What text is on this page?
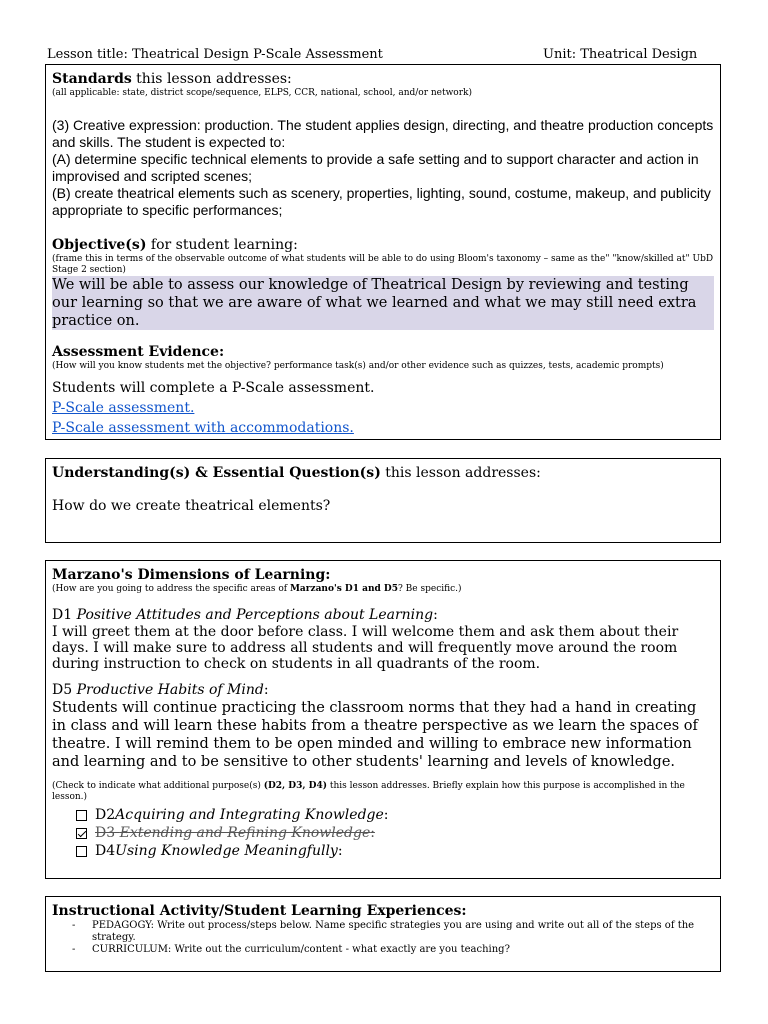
Lesson title: Theatrical Design P-Scale Assessment	Unit: Theatrical Design
Standards this lesson addresses:
(all applicable: state, district scope/sequence, ELPS, CCR, national, school, and/or network)
(3) Creative expression: production. The student applies design, directing, and theatre production concepts and skills. The student is expected to:
(A) determine specific technical elements to provide a safe setting and to support character and action in improvised and scripted scenes;
(B) create theatrical elements such as scenery, properties, lighting, sound, costume, makeup, and publicity appropriate to specific performances;
Objective(s) for student learning:
(frame this in terms of the observable outcome of what students will be able to do using Bloom's taxonomy – same as the" "know/skilled at" UbD Stage 2 section)
We will be able to assess our knowledge of Theatrical Design by reviewing and testing our learning so that we are aware of what we learned and what we may still need extra practice on.
Assessment Evidence:
(How will you know students met the objective? performance task(s) and/or other evidence such as quizzes, tests, academic prompts)
Students will complete a P-Scale assessment.
P-Scale assessment.
P-Scale assessment with accommodations.
Understanding(s) & Essential Question(s) this lesson addresses:
How do we create theatrical elements?
Marzano's Dimensions of Learning:
(How are you going to address the specific areas of Marzano's D1 and D5? Be specific.)
D1 Positive Attitudes and Perceptions about Learning:
I will greet them at the door before class. I will welcome them and ask them about their days. I will make sure to address all students and will frequently move around the room during instruction to check on students in all quadrants of the room.
D5 Productive Habits of Mind:
Students will continue practicing the classroom norms that they had a hand in creating in class and will learn these habits from a theatre perspective as we learn the spaces of theatre. I will remind them to be open minded and willing to embrace new information and learning and to be sensitive to other students' learning and levels of knowledge.
(Check to indicate what additional purpose(s) (D2, D3, D4) this lesson addresses. Briefly explain how this purpose is accomplished in the lesson.)
D2 Acquiring and Integrating Knowledge :
D3 Extending and Refining Knowledge:
D4 Using Knowledge Meaningfully :
Instructional Activity/Student Learning Experiences:
- PEDAGOGY: Write out process/steps below. Name specific strategies you are using and write out all of the steps of the strategy.
- CURRICULUM: Write out the curriculum/content - what exactly are you teaching?
